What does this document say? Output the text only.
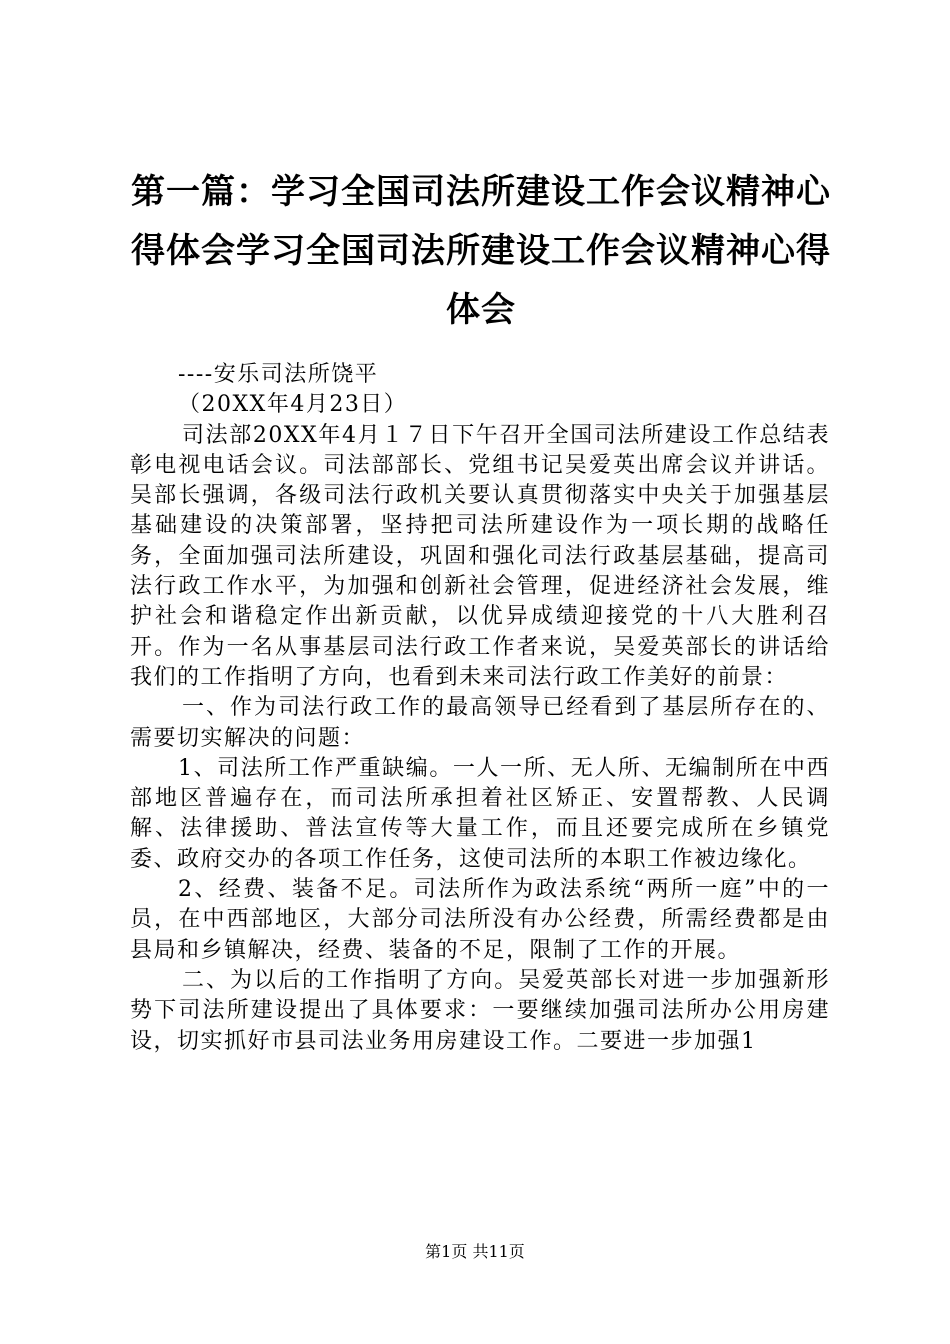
第一篇：学习全国司法所建设工作会议精神心
得体会学习全国司法所建设工作会议精神心得
体会

----安乐司法所饶平

（20XX年4月23日）

司法部20XX年4月１７日下午召开全国司法所建设工作总结表彰电视电话会议。司法部部长、党组书记吴爱英出席会议并讲话。吴部长强调，各级司法行政机关要认真贯彻落实中央关于加强基层基础建设的决策部署，坚持把司法所建设作为一项长期的战略任务，全面加强司法所建设，巩固和强化司法行政基层基础，提高司法行政工作水平，为加强和创新社会管理，促进经济社会发展，维护社会和谐稳定作出新贡献，以优异成绩迎接党的十八大胜利召开。作为一名从事基层司法行政工作者来说，吴爱英部长的讲话给我们的工作指明了方向，也看到未来司法行政工作美好的前景：

一、作为司法行政工作的最高领导已经看到了基层所存在的、需要切实解决的问题：

1、司法所工作严重缺编。一人一所、无人所、无编制所在中西部地区普遍存在，而司法所承担着社区矫正、安置帮教、人民调解、法律援助、普法宣传等大量工作，而且还要完成所在乡镇党委、政府交办的各项工作任务，这使司法所的本职工作被边缘化。

2、经费、装备不足。司法所作为政法系统“两所一庭”中的一员，在中西部地区，大部分司法所没有办公经费，所需经费都是由县局和乡镇解决，经费、装备的不足，限制了工作的开展。

二、为以后的工作指明了方向。吴爱英部长对进一步加强新形势下司法所建设提出了具体要求：一要继续加强司法所办公用房建设，切实抓好市县司法业务用房建设工作。二要进一步加强1

第1页 共11页
